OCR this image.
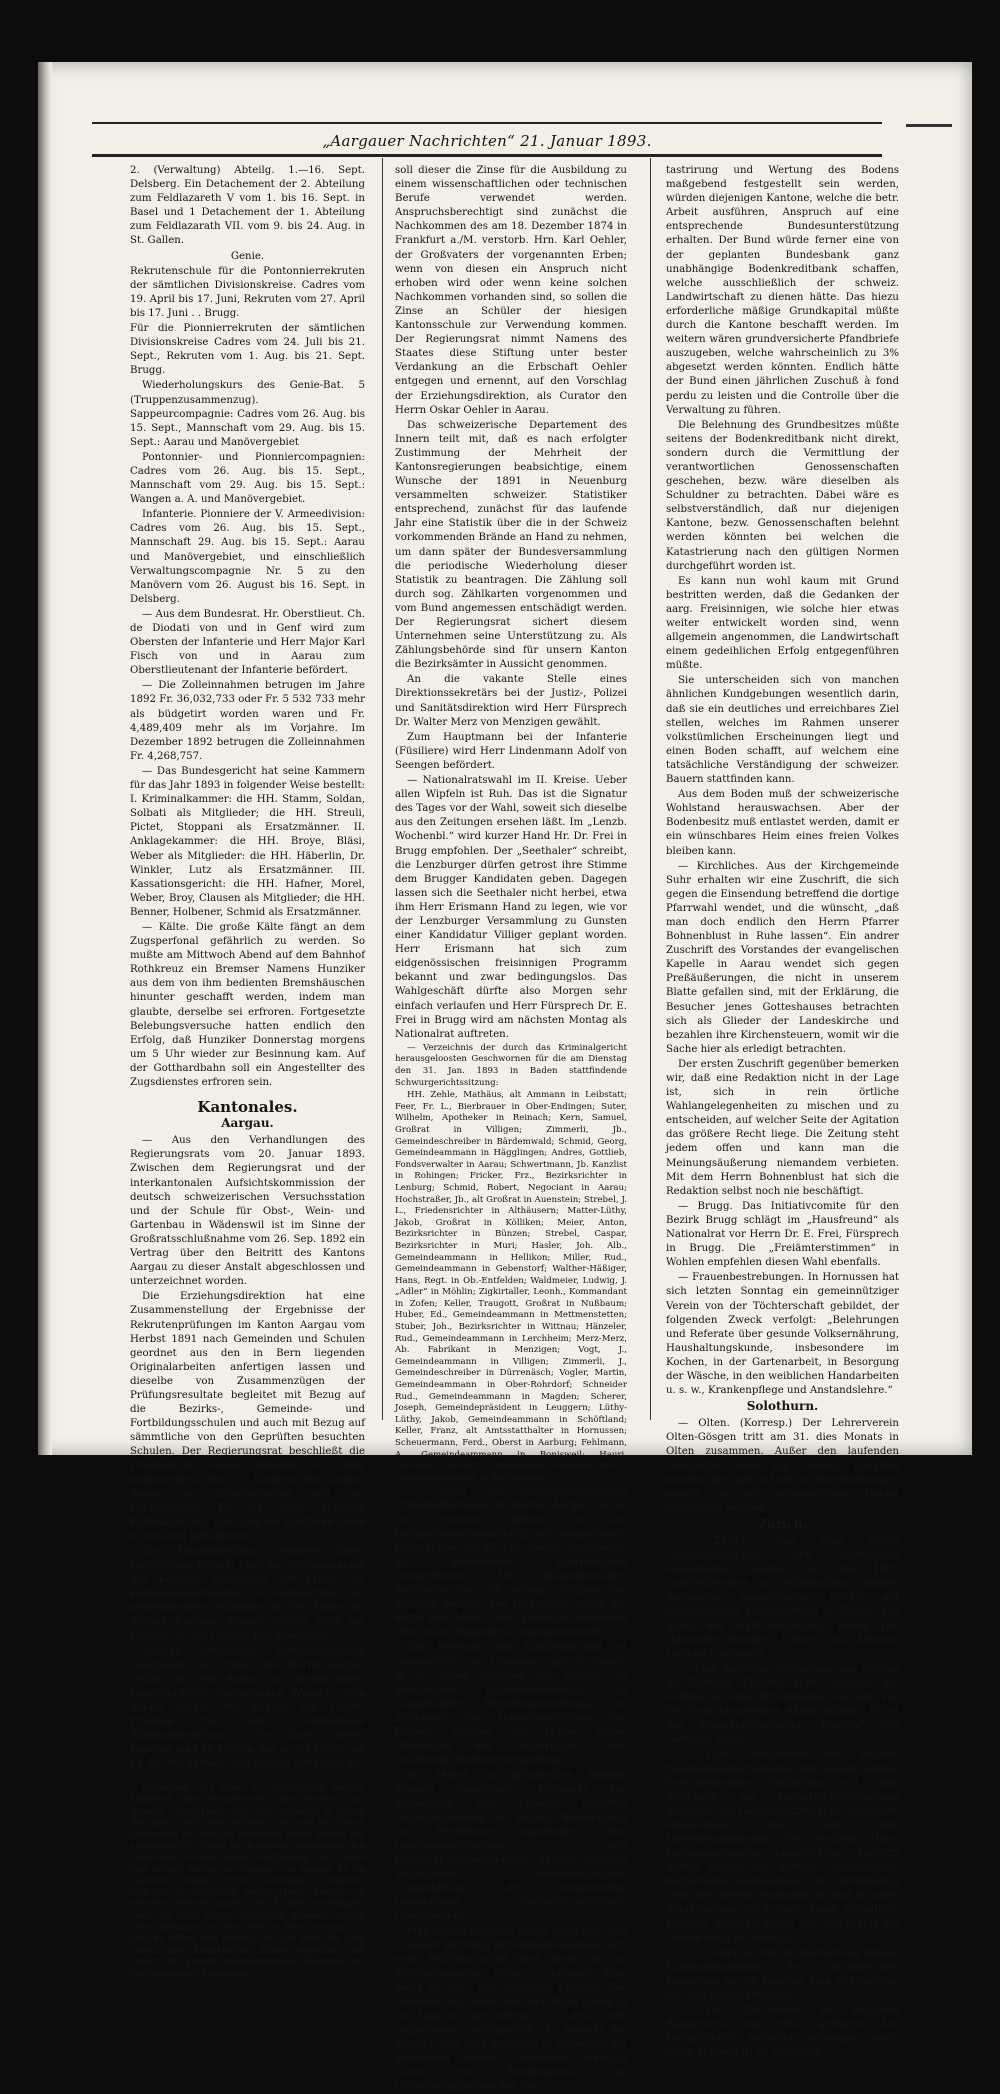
„Aargauer Nachrichten“ 21. Januar 1893.

2. (Verwaltung) Abteilg. 1.—16. Sept. Delsberg. Ein Detachement der 2. Abteilung zum Feldlazareth V vom 1. bis 16. Sept. in Basel und 1 Detachement der 1. Abteilung zum Feldlazarath VII. vom 9. bis 24. Aug. in St. Gallen.

Genie.

Rekrutenschule für die Pontonnierrekruten der sämtlichen Divisionskreise. Cadres vom 19. April bis 17. Juni, Rekruten vom 27. April bis 17. Juni . . Brugg.

Für die Pionnierrekruten der sämtlichen Divisionskreise Cadres vom 24. Juli bis 21. Sept., Rekruten vom 1. Aug. bis 21. Sept. Brugg.

Wiederholungskurs des Genie-Bat. 5 (Truppenzusammenzug). Sappeurcompagnie: Cadres vom 26. Aug. bis 15. Sept., Mannschaft vom 29. Aug. bis 15. Sept.: Aarau und Manövergebiet

Pontonnier- und Pionniercompagnien: Cadres vom 26. Aug. bis 15. Sept., Mannschaft vom 29. Aug. bis 15. Sept.: Wangen a. A. und Manövergebiet.

Infanterie. Pionniere der V. Armeedivision: Cadres vom 26. Aug. bis 15. Sept., Mannschaft 29. Aug. bis 15. Sept.: Aarau und Manövergebiet, und einschließlich Verwaltungscompagnie Nr. 5 zu den Manövern vom 26. August bis 16. Sept. in Delsberg.

— Aus dem Bundesrat. Hr. Oberstlieut. Ch. de Diodati von und in Genf wird zum Obersten der Infanterie und Herr Major Karl Fisch von und in Aarau zum Oberstlieutenant der Infanterie befördert.

— Die Zolleinnahmen betrugen im Jahre 1892 Fr. 36,032,733 oder Fr. 5 532 733 mehr als büdgetirt worden waren und Fr. 4,489,409 mehr als im Vorjahre. Im Dezember 1892 betrugen die Zolleinnahmen Fr. 4,268,757.

— Das Bundesgericht hat seine Kammern für das Jahr 1893 in folgender Weise bestellt: I. Kriminalkammer: die HH. Stamm, Soldan, Solbati als Mitglieder; die HH. Streuli, Pictet, Stoppani als Ersatzmänner. II. Anklagekammer: die HH. Broye, Bläsi, Weber als Mitglieder: die HH. Häberlin, Dr. Winkler, Lutz als Ersatzmänner. III. Kassationsgericht: die HH. Hafner, Morel, Weber, Broy, Clausen als Mitglieder; die HH. Benner, Holbener, Schmid als Ersatzmänner.

— Kälte. Die große Kälte fängt an dem Zugsperfonal gefährlich zu werden. So mußte am Mittwoch Abend auf dem Bahnhof Rothkreuz ein Bremser Namens Hunziker aus dem von ihm bedienten Bremshäuschen hinunter geschafft werden, indem man glaubte, derselbe sei erfroren. Fortgesetzte Belebungsversuche hatten endlich den Erfolg, daß Hunziker Donnerstag morgens um 5 Uhr wieder zur Besinnung kam. Auf der Gotthardbahn soll ein Angestellter des Zugsdienstes erfroren sein.

Kantonales.
Aargau.

— Aus den Verhandlungen des Regierungsrats vom 20. Januar 1893. Zwischen dem Regierungsrat und der interkantonalen Aufsichtskommission der deutsch schweizerischen Versuchsstation und der Schule für Obst-, Wein- und Gartenbau in Wädenswil ist im Sinne der Großratsschlußnahme vom 26. Sep. 1892 ein Vertrag über den Beitritt des Kantons Aargau zu dieser Anstalt abgeschlossen und unterzeichnet worden.

Die Erziehungsdirektion hat eine Zusammenstellung der Ergebnisse der Rekrutenprüfungen im Kanton Aargau vom Herbst 1891 nach Gemeinden und Schulen geordnet aus den in Bern liegenden Originalarbeiten anfertigen lassen und dieselbe von Zusammenzügen der Prüfungsresultate begleitet mit Bezug auf die Bezirks-, Gemeinde- und Fortbildungsschulen und auch mit Bezug auf sämmtliche von den Geprüften besuchten Schulen. Der Regierungsrat beschließt die Drucklegung dieses Materials mit dem begleitenden Text zu Handen des Großen Rates, der Schulbehörden und der Lehrerschaft. Es ist eine ähnliche Publikation auf 1892 und die künftigen Jahre in Aussicht genommen.

Die Finanzdirektion erstattet ihren einläßlichen Bericht über die Stellungnahme des Kantons gegenüber der Frage der Konzessionserteilung zu Ausbeutung des neuentdeckten Salzlagers in der Nähe der Station Koblenz. Dieser Bericht wird zur Vorlage an den Großen Rat genehmigt.

Zufolge vorgelegter Stiftungsurkunde übergeben die Erben des Herrn August Oehler sel. von Aarau, auf dessen ihnen handschriftlich übergebenen Wunsch, dem Staate Aargau ein Kapital von 15,000 Franken für eine „Oeffentliche Stipendienstiftung.“ Die Zinse dieses Kapitals sind zu äufnen, bis es die Höhe von Fr. 20,000 beträgt. Von diesem Zeitpunkt an

Hildegard, das sonst so gleichmäßig heitere Mädchen, der Sonnenschein des Hauses, war traurig, schreckhaft und sehr ungleich in ihrem Betragen; noch weit reizbarer aber war der Baron geworden; der ruhige, gelassene Mann schien wie ausgetauscht. Schalt er in diesem Augenblick den Lieutenant wegen seiner Auffassung der Dinge und keiner Sache zu Gunsten, so konnte er im nächsten wieder Fritz Schwiegen gebieten, welcher die Unschuld seines Herrn Bodmer in erregten Worten gegen den Bruder verteidigte, oder ihn nicht gegen Hildegard wenden, sobald diese ebenfalls für jenen eintrat. Der Zwiespalt, in dem er selbst sich befand, ließ ihn bald für, bald gegen den Angeklagten Partei ergreifen und immer die gerade ausgesprochene Meinung mit Hartnäckigkeit bekämpfen.

soll dieser die Zinse für die Ausbildung zu einem wissenschaftlichen oder technischen Berufe verwendet werden. Anspruchsberechtigt sind zunächst die Nachkommen des am 18. Dezember 1874 in Frankfurt a./M. verstorb. Hrn. Karl Oehler, der Großvaters der vorgenannten Erben; wenn von diesen ein Anspruch nicht erhoben wird oder wenn keine solchen Nachkommen vorhanden sind, so sollen die Zinse an Schüler der hiesigen Kantonsschule zur Verwendung kommen. Der Regierungsrat nimmt Namens des Staates diese Stiftung unter bester Verdankung an die Erbschaft Oehler entgegen und ernennt, auf den Vorschlag der Erziehungsdirektion, als Curator den Herrn Oskar Oehler in Aarau.

Das schweizerische Departement des Innern teilt mit, daß es nach erfolgter Zustimmung der Mehrheit der Kantonsregierungen beabsichtige, einem Wunsche der 1891 in Neuenburg versammelten schweizer. Statistiker entsprechend, zunächst für das laufende Jahr eine Statistik über die in der Schweiz vorkommenden Brände an Hand zu nehmen, um dann später der Bundesversammlung die periodische Wiederholung dieser Statistik zu beantragen. Die Zählung soll durch sog. Zählkarten vorgenommen und vom Bund angemessen entschädigt werden. Der Regierungsrat sichert diesem Unternehmen seine Unterstützung zu. Als Zählungsbehörde sind für unsern Kanton die Bezirksämter in Aussicht genommen.

An die vakante Stelle eines Direktionssekretärs bei der Justiz-, Polizei und Sanitätsdirektion wird Herr Fürsprech Dr. Walter Merz von Menzigen gewählt.

Zum Hauptmann bei der Infanterie (Füsiliere) wird Herr Lindenmann Adolf von Seengen befördert.

— Nationalratswahl im II. Kreise. Ueber allen Wipfeln ist Ruh. Das ist die Signatur des Tages vor der Wahl, soweit sich dieselbe aus den Zeitungen ersehen läßt. Im „Lenzb. Wochenbl.“ wird kurzer Hand Hr. Dr. Frei in Brugg empfohlen. Der „Seethaler“ schreibt, die Lenzburger dürfen getrost ihre Stimme dem Brugger Kandidaten geben. Dagegen lassen sich die Seethaler nicht herbei, etwa ihm Herr Erismann Hand zu legen, wie vor der Lenzburger Versammlung zu Gunsten einer Kandidatur Villiger geplant worden. Herr Erismann hat sich zum eidgenössischen freisinnigen Programm bekannt und zwar bedingungslos. Das Wahlgeschäft dürfte also Morgen sehr einfach verlaufen und Herr Fürsprech Dr. E. Frei in Brugg wird am nächsten Montag als Nationalrat auftreten.

— Verzeichnis der durch das Kriminalgericht herausgeloosten Geschwornen für die am Dienstag den 31. Jan. 1893 in Baden stattfindende Schwurgerichtssitzung:

HH. Zehle, Mathäus, alt Ammann in Leibstatt; Feer, Fr. L., Bierbrauer in Ober-Endingen; Suter, Wilhelm, Apotheker in Reinach; Kern, Samuel, Großrat in Villigen; Zimmerli, Jb., Gemeindeschreiber in Bärdemwald; Schmid, Georg, Gemeindeammann in Hägglingen; Andres, Gottlieb, Fondsverwalter in Aarau; Schwertmann, Jb. Kanzlist in Rohingen; Fricker, Frz., Bezirksrichter in Lenburg; Schmid, Robert, Negociant in Aarau; Hochstraßer, Jb., alt Großrat in Auenstein; Strebel, J. L., Friedensrichter in Althäusern; Matter-Lüthy, Jakob, Großrat in Kölliken; Meier, Anton, Bezirksrichter in Bünzen; Strebel, Caspar, Bezirksrichter in Muri; Hasler, Joh. Alb., Gemeindeammann in Hellikon; Miller, Rud., Gemeindeammann in Gebenstorf; Walther-Häßiger, Hans, Regt. in Ob.-Entfelden; Waldmeier, Ludwig, J. „Adler“ in Möhlin; Zigkirtaller, Leonh., Kommandant in Zofen; Keller, Traugott, Großrat in Nußbaum; Huber, Ed., Gemeindeammann in Mettmenstetten; Stuber, Joh., Bezirksrichter in Wittnau; Hänzeler, Rud., Gemeindeammann in Lerchheim; Merz-Merz, Ab. Fabrikant in Menzigen; Vogt, J., Gemeindeammann in Villigen; Zimmerli, J., Gemeindeschreiber in Dürrenäsch; Vogler, Martin, Gemeindeammann in Ober-Rohrdorf; Schneider Rud., Gemeindeammann in Magden; Scherer, Joseph, Gemeindepräsident in Leuggern; Lüthy-Lüthy, Jakob, Gemeindeammann in Schöftland; Keller, Franz, alt Amtsstatthalter in Hornussen; Scheuermann, Ferd., Oberst in Aarburg; Fehlmann, A., Gemeindeammann in Bonisweil; Hauri, Bernhard, Großrat in Staffelbach; Leemann, Hrch., Gemeindeammann in Bergdietikon.

— Ueber die landwirtschaftlichen Crebitverhältnisse im Kanton Aargau und in der Schweiz haben in der Delegiertenversammlung der aargauischen Freisinnigen am 15. Jan. ebenso eingehende als interessante Erörterungen stattgefunden. Die fachmännischen Referenten Näf und Schwarz erfüllten ihre Aufgabe bestens. Die Diskussion schloß die Kette der Ideen. Das Ergebniß derselben läßt sich in folgendem zusammenfassen:

Der Notstand der Landwirtschaft ist unbestritten; die Ursachen sind zu suchen in zu hoher Wertung des Bodens; in mangelnder Katasterermessung; in mangelhafter Hypothekenordnung; im Zunehmen der Lebensbedürfnisse der Bauern; Steigen der Löhne, daher Minderung des Reinertrags; stets wachsende Bodenverschuldung.

Als Mittel zur gründlichen Abhülfe wurden bezeichnet: Rückkehr zur Einfachheit des Lebens; besseres Rechnungswesen des Bauers; Bekämpfung der Festfreude; namentlich aber Landeskatastrierung und Hypothekargesetzgebung; Bildung rationell organisirter Genossenschaften; Umgestaltung des gegenwärtig bestehenden landwirtschaftlichen Creditwesens.

Man müsse indessen sofort erkennen, daß in dieser Richtung der einzelne Kanton nach jeder Richtung nicht stark genug sei, um durchschlagende Hülfe zu bringen. Hier heißt es also: mit vereinten Kräften! Der Gedanke liegt nahe, daß der Bund einzig in der Lage ist, hier helfend, d. h. den Credit organisirend einzugreifen. Es besteht die Ansicht, daß dies ungefähr in folgender Art geschehen könnte: Nachdem zunächst durch ein Bundesgesetz die Grundbedingungen der Ca-

tastrirung und Wertung des Bodens maßgebend festgestellt sein werden, würden diejenigen Kantone, welche die betr. Arbeit ausführen, Anspruch auf eine entsprechende Bundesunterstützung erhalten. Der Bund würde ferner eine von der geplanten Bundesbank ganz unabhängige Bodenkreditbank schaffen, welche ausschließlich der schweiz. Landwirtschaft zu dienen hätte. Das hiezu erforderliche mäßige Grundkapital müßte durch die Kantone beschafft werden. Im weitern wären grundversicherte Pfandbriefe auszugeben, welche wahrscheinlich zu 3% abgesetzt werden könnten. Endlich hätte der Bund einen jährlichen Zuschuß à fond perdu zu leisten und die Controlle über die Verwaltung zu führen.

Die Belehnung des Grundbesitzes müßte seitens der Bodenkreditbank nicht direkt, sondern durch die Vermittlung der verantwortlichen Genossenschaften geschehen, bezw. wäre dieselben als Schuldner zu betrachten. Dabei wäre es selbstverständlich, daß nur diejenigen Kantone, bezw. Genossenschaften belehnt werden könnten bei welchen die Katastrierung nach den gültigen Normen durchgeführt worden ist.

Es kann nun wohl kaum mit Grund bestritten werden, daß die Gedanken der aarg. Freisinnigen, wie solche hier etwas weiter entwickelt worden sind, wenn allgemein angenommen, die Landwirtschaft einem gedeihlichen Erfolg entgegenführen müßte.

Sie unterscheiden sich von manchen ähnlichen Kundgebungen wesentlich darin, daß sie ein deutliches und erreichbares Ziel stellen, welches im Rahmen unserer volkstümlichen Erscheinungen liegt und einen Boden schafft, auf welchem eine tatsächliche Verständigung der schweizer. Bauern stattfinden kann.

Aus dem Boden muß der schweizerische Wohlstand herauswachsen. Aber der Bodenbesitz muß entlastet werden, damit er ein wünschbares Heim eines freien Volkes bleiben kann.

— Kirchliches. Aus der Kirchgemeinde Suhr erhalten wir eine Zuschrift, die sich gegen die Einsendung betreffend die dortige Pfarrwahl wendet, und die wünscht, „daß man doch endlich den Herrn Pfarrer Bohnenblust in Ruhe lassen“. Ein andrer Zuschrift des Vorstandes der evangelischen Kapelle in Aarau wendet sich gegen Preßäußerungen, die nicht in unserem Blatte gefallen sind, mit der Erklärung, die Besucher jenes Gotteshauses betrachten sich als Glieder der Landeskirche und bezahlen ihre Kirchensteuern, womit wir die Sache hier als erledigt betrachten.

Der ersten Zuschrift gegenüber bemerken wir, daß eine Redaktion nicht in der Lage ist, sich in rein örtliche Wahlangelegenheiten zu mischen und zu entscheiden, auf welcher Seite der Agitation das größere Recht liege. Die Zeitung steht jedem offen und kann man die Meinungsäußerung niemandem verbieten. Mit dem Herrn Bohnenblust hat sich die Redaktion selbst noch nie beschäftigt.

— Brugg. Das Initiativcomite für den Bezirk Brugg schlägt im „Hausfreund“ als Nationalrat vor Herrn Dr. E. Frei, Fürsprech in Brugg. Die „Freiämterstimmen“ in Wohlen empfehlen diesen Wahl ebenfalls.

— Frauenbestrebungen. In Hornussen hat sich letzten Sonntag ein gemeinnütziger Verein von der Töchterschaft gebildet, der folgenden Zweck verfolgt: „Belehrungen und Referate über gesunde Volksernährung, Haushaltungskunde, insbesondere im Kochen, in der Gartenarbeit, in Besorgung der Wäsche, in den weiblichen Handarbeiten u. s. w., Krankenpflege und Anstandslehre.“

Solothurn.

— Olten. (Korresp.) Der Lehrerverein Olten-Gösgen tritt am 31. dies Monats in Olten zusammen. Außer den laufenden Geschäften wird ein Vortrag gehalten werden, der sich auf die zu den Neuerungen gehört, die auf pädagogischem Gebiet angetreten werden.

Zürich.

— Zürich. Von dem durch Gemeindebeschluß den städtischen Angestellten, welche seit Mai 1889 ununterbrochen in städtischem Dienste gestanden, eingeräumten Rechte auf unentgeltliche Einbürgerung in Zürich, aus Anlaß der Stadtvereinigung, haben 180 städtische Beamte, Lehrer und Arbeiter Gebrauch gemacht.

— Eine festliche Aufführung am Freitag im Zürcher Theater statt, nämlich die Aufführung eines Bruchstücks, das sich aus den Gedichten letzten Akten befindet. Es ist das Schauspielfragment „Therese“ von Gottfried Keller.

— Laut Telegramm des eidgen. Eisenbahndepartements hat wegen immer fortschreitender Eisbildung auf dem Zürichsee die Dampfschiffverwaltung genötigt, den Dampfschiffverkehr successive einzustellen und auf den Unterbruchstrecken des rechten Ufers Postomnibuskurse einzurichten. Gestern Abend wurde die Strecke Schirmensee-Rapperswyl aufgegeben, die Verbindung zwischen diesen Stationen ab und zu allen Schiffskursen wird über Land vermittelt. Rascher Zurückdrängen der Schifffahrt bis Meilen steht in Aussicht.

— In Zürich wurde am Donnerstag infolge Entgegenkommens der zürcherischen Regierung in der Kaserne eine Gratisküche für Arbeitslose errichtet.

— Der Zürchersee ist zwischen Rapperswyl und Stäfa gefroren. Die Dampfschiffe aufwärts vermögen kaum mehr Männedorf zu erreichen.
